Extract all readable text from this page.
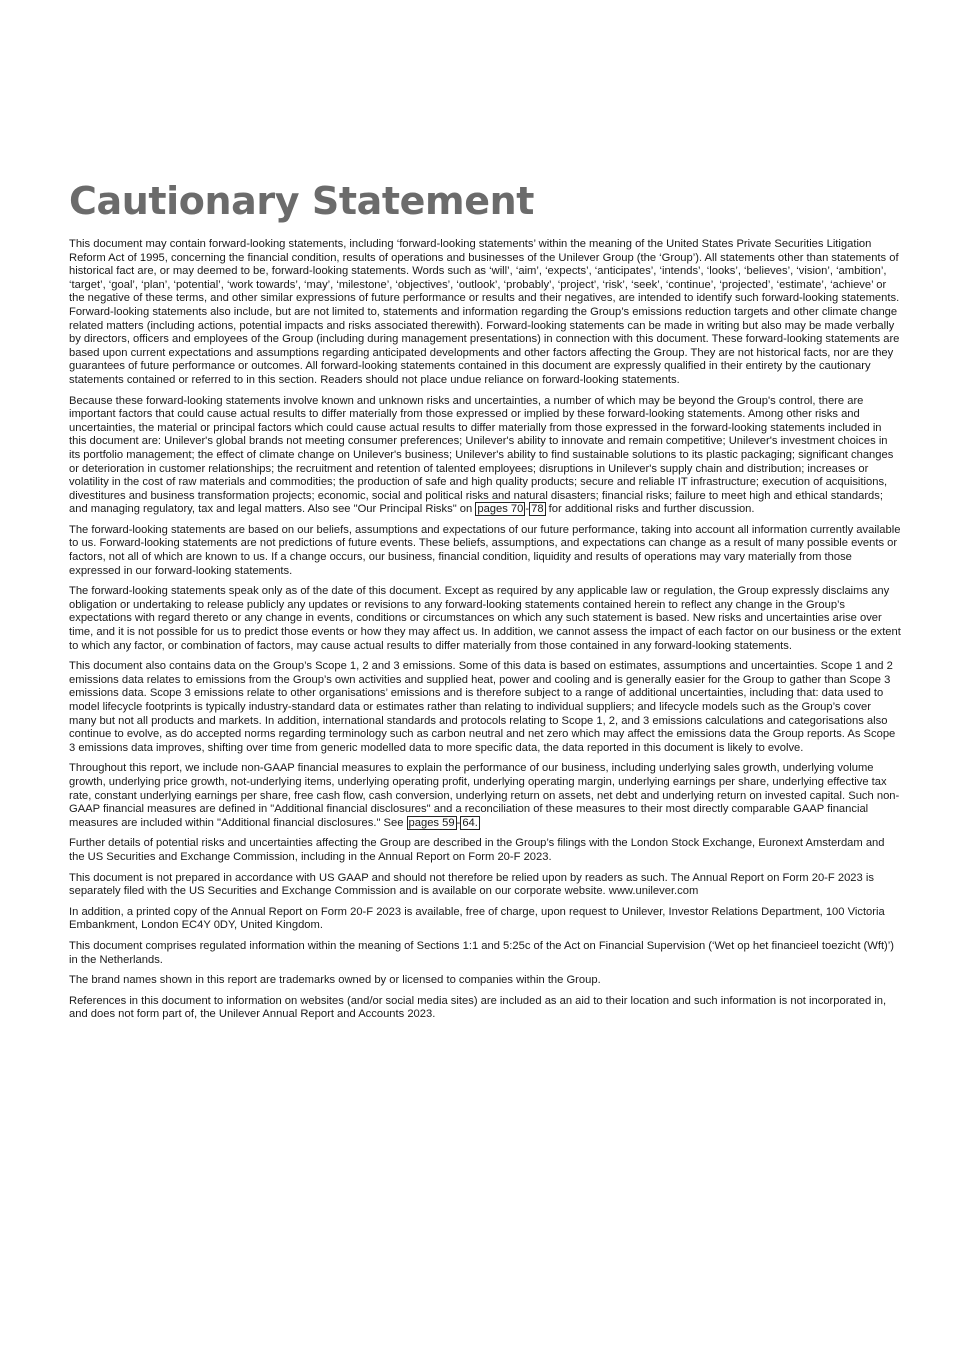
Cautionary Statement

This document may contain forward-looking statements, including ‘forward-looking statements’ within the meaning of the United States Private Securities Litigation Reform Act of 1995, concerning the financial condition, results of operations and businesses of the Unilever Group (the ‘Group’). All statements other than statements of historical fact are, or may deemed to be, forward-looking statements. Words such as ‘will’, ‘aim’, ‘expects’, ‘anticipates’, ‘intends’, ‘looks’, ‘believes’, ‘vision’, ‘ambition’, ‘target’, ‘goal’, ‘plan’, ‘potential’, ‘work towards’, ‘may’, ‘milestone’, ‘objectives’, ‘outlook’, ‘probably’, ‘project’, ‘risk’, ‘seek’, ‘continue’, ‘projected’, ‘estimate’, ‘achieve’ or the negative of these terms, and other similar expressions of future performance or results and their negatives, are intended to identify such forward-looking statements. Forward-looking statements also include, but are not limited to, statements and information regarding the Group’s emissions reduction targets and other climate change related matters (including actions, potential impacts and risks associated therewith). Forward-looking statements can be made in writing but also may be made verbally by directors, officers and employees of the Group (including during management presentations) in connection with this document. These forward-looking statements are based upon current expectations and assumptions regarding anticipated developments and other factors affecting the Group. They are not historical facts, nor are they guarantees of future performance or outcomes. All forward-looking statements contained in this document are expressly qualified in their entirety by the cautionary statements contained or referred to in this section. Readers should not place undue reliance on forward-looking statements.

Because these forward-looking statements involve known and unknown risks and uncertainties, a number of which may be beyond the Group's control, there are important factors that could cause actual results to differ materially from those expressed or implied by these forward-looking statements. Among other risks and uncertainties, the material or principal factors which could cause actual results to differ materially from those expressed in the forward-looking statements included in this document are: Unilever's global brands not meeting consumer preferences; Unilever's ability to innovate and remain competitive; Unilever's investment choices in its portfolio management; the effect of climate change on Unilever's business; Unilever's ability to find sustainable solutions to its plastic packaging; significant changes or deterioration in customer relationships; the recruitment and retention of talented employees; disruptions in Unilever's supply chain and distribution; increases or volatility in the cost of raw materials and commodities; the production of safe and high quality products; secure and reliable IT infrastructure; execution of acquisitions, divestitures and business transformation projects; economic, social and political risks and natural disasters; financial risks; failure to meet high and ethical standards; and managing regulatory, tax and legal matters. Also see "Our Principal Risks" on pages 70 - 78 for additional risks and further discussion.

The forward-looking statements are based on our beliefs, assumptions and expectations of our future performance, taking into account all information currently available to us. Forward-looking statements are not predictions of future events. These beliefs, assumptions, and expectations can change as a result of many possible events or factors, not all of which are known to us. If a change occurs, our business, financial condition, liquidity and results of operations may vary materially from those expressed in our forward-looking statements.

The forward-looking statements speak only as of the date of this document. Except as required by any applicable law or regulation, the Group expressly disclaims any obligation or undertaking to release publicly any updates or revisions to any forward-looking statements contained herein to reflect any change in the Group’s expectations with regard thereto or any change in events, conditions or circumstances on which any such statement is based. New risks and uncertainties arise over time, and it is not possible for us to predict those events or how they may affect us. In addition, we cannot assess the impact of each factor on our business or the extent to which any factor, or combination of factors, may cause actual results to differ materially from those contained in any forward-looking statements.

This document also contains data on the Group’s Scope 1, 2 and 3 emissions. Some of this data is based on estimates, assumptions and uncertainties. Scope 1 and 2 emissions data relates to emissions from the Group’s own activities and supplied heat, power and cooling and is generally easier for the Group to gather than Scope 3 emissions data. Scope 3 emissions relate to other organisations’ emissions and is therefore subject to a range of additional uncertainties, including that: data used to model lifecycle footprints is typically industry-standard data or estimates rather than relating to individual suppliers; and lifecycle models such as the Group’s cover many but not all products and markets. In addition, international standards and protocols relating to Scope 1, 2, and 3 emissions calculations and categorisations also continue to evolve, as do accepted norms regarding terminology such as carbon neutral and net zero which may affect the emissions data the Group reports. As Scope 3 emissions data improves, shifting over time from generic modelled data to more specific data, the data reported in this document is likely to evolve.

Throughout this report, we include non-GAAP financial measures to explain the performance of our business, including underlying sales growth, underlying volume growth, underlying price growth, not-underlying items, underlying operating profit, underlying operating margin, underlying earnings per share, underlying effective tax rate, constant underlying earnings per share, free cash flow, cash conversion, underlying return on assets, net debt and underlying return on invested capital. Such non-GAAP financial measures are defined in "Additional financial disclosures" and a reconciliation of these measures to their most directly comparable GAAP financial measures are included within "Additional financial disclosures." See pages 59 - 64.

Further details of potential risks and uncertainties affecting the Group are described in the Group’s filings with the London Stock Exchange, Euronext Amsterdam and the US Securities and Exchange Commission, including in the Annual Report on Form 20-F 2023.

This document is not prepared in accordance with US GAAP and should not therefore be relied upon by readers as such. The Annual Report on Form 20-F 2023 is separately filed with the US Securities and Exchange Commission and is available on our corporate website. www.unilever.com

In addition, a printed copy of the Annual Report on Form 20-F 2023 is available, free of charge, upon request to Unilever, Investor Relations Department, 100 Victoria Embankment, London EC4Y 0DY, United Kingdom.

This document comprises regulated information within the meaning of Sections 1:1 and 5:25c of the Act on Financial Supervision (‘Wet op het financieel toezicht (Wft)’) in the Netherlands.

The brand names shown in this report are trademarks owned by or licensed to companies within the Group.

References in this document to information on websites (and/or social media sites) are included as an aid to their location and such information is not incorporated in, and does not form part of, the Unilever Annual Report and Accounts 2023.
